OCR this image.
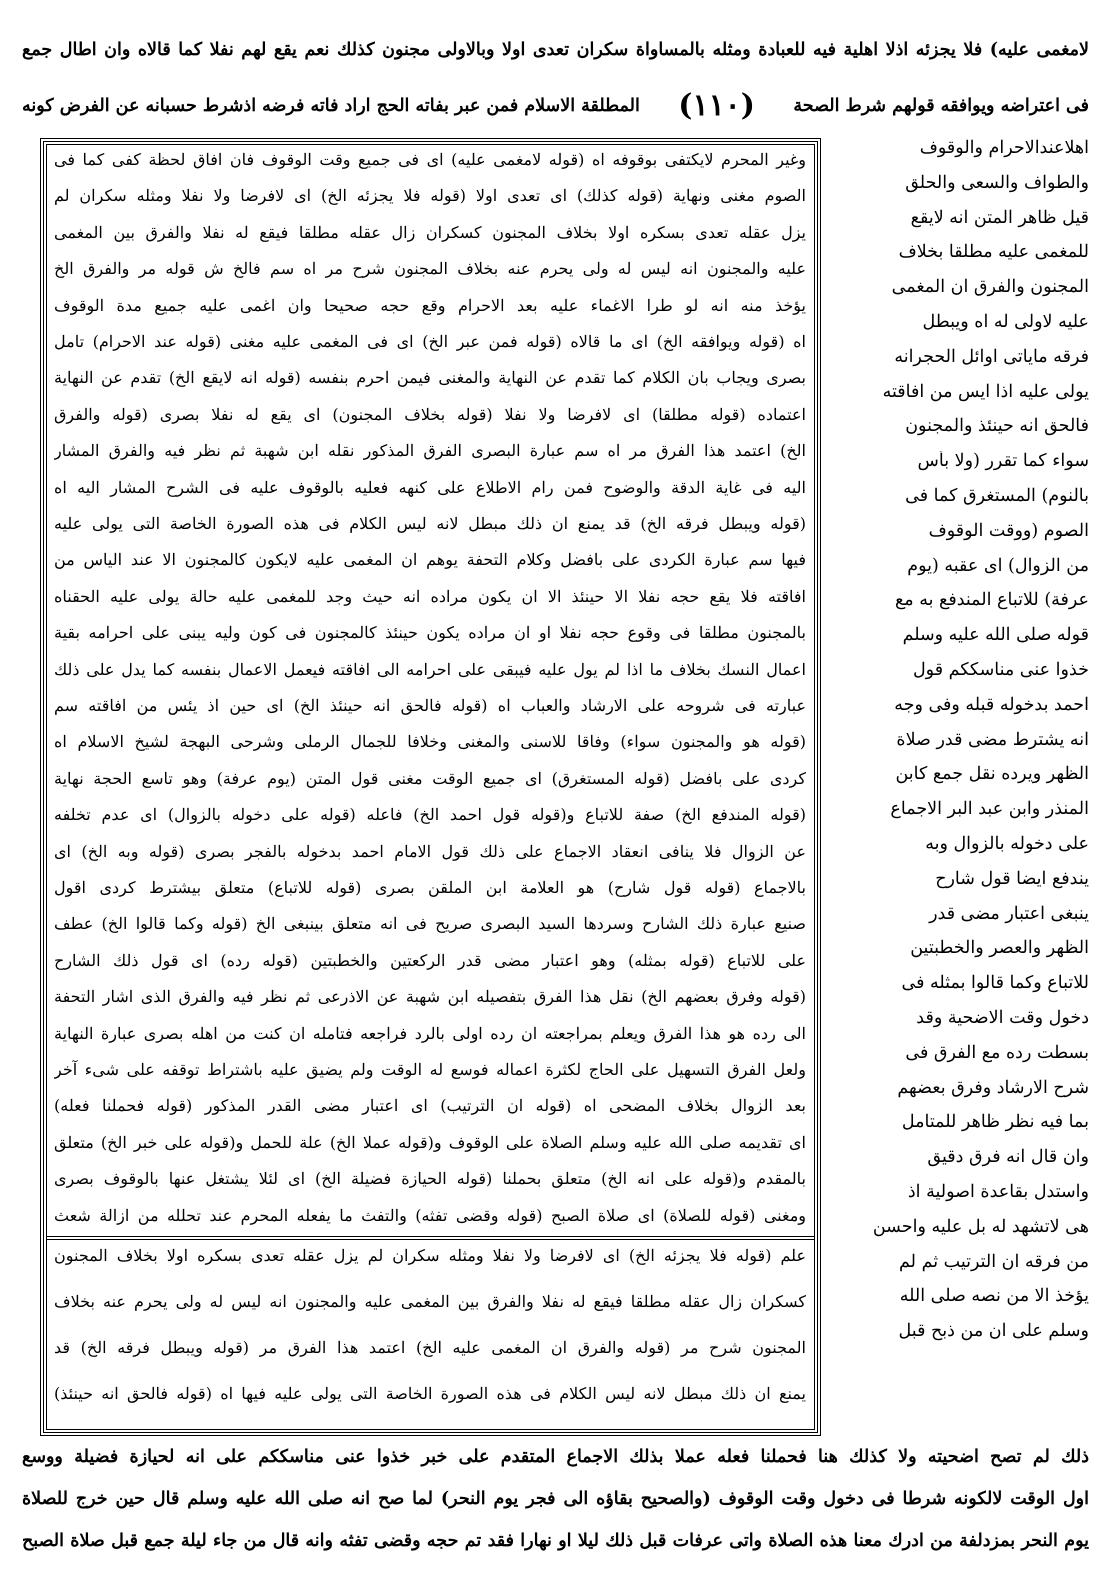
لامغمى عليه) فلا يجزئه اذلا اهلية فيه للعبادة ومثله بالمساواة سكران تعدى اولا وبالاولى مجنون كذلك نعم يقع لهم نفلا كما قالاه وان اطال جمع
فى اعتراضه ويوافقه قولهم شرط الصحة
(١١٠)
المطلقة الاسلام فمن عبر بفاته الحج اراد فاته فرضه اذشرط حسبانه عن الفرض كونه
اهلاعندالاحرام والوقوف
والطواف والسعى والحلق
قيل ظاهر المتن انه لايقع
للمغمى عليه مطلقا بخلاف
المجنون والفرق ان المغمى
عليه لاولى له اه ويبطل
فرقه ماياتى اوائل الحجرانه
يولى عليه اذا ايس من افاقته
فالحق انه حينئذ والمجنون
سواء كما تقرر (ولا بأس
بالنوم) المستغرق كما فى
الصوم (ووقت الوقوف
من الزوال) اى عقبه (يوم
عرفة) للاتباع المندفع به مع
قوله صلى الله عليه وسلم
خذوا عنى مناسككم قول
احمد بدخوله قبله وفى وجه
انه يشترط مضى قدر صلاة
الظهر ويرده نقل جمع كابن
المنذر وابن عبد البر الاجماع
على دخوله بالزوال وبه
يندفع ايضا قول شارح
ينبغى اعتبار مضى قدر
الظهر والعصر والخطبتين
للاتباع وكما قالوا بمثله فى
دخول وقت الاضحية وقد
بسطت رده مع الفرق فى
شرح الارشاد وفرق بعضهم
بما فيه نظر ظاهر للمتامل
وان قال انه فرق دقيق
واستدل بقاعدة اصولية اذ
هى لاتشهد له بل عليه واحسن
من فرقه ان الترتيب ثم لم
يؤخذ الا من نصه صلى الله
وسلم على ان من ذبح قبل
وغير المحرم لايكتفى بوقوفه اه (قوله لامغمى عليه) اى فى جميع وقت الوقوف فان افاق لحظة كفى كما فى
الصوم مغنى ونهاية (قوله كذلك) اى تعدى اولا (قوله فلا يجزئه الخ) اى لافرضا ولا نفلا ومثله سكران لم
يزل عقله تعدى بسكره اولا بخلاف المجنون كسكران زال عقله مطلقا فيقع له نفلا والفرق بين المغمى
عليه والمجنون انه ليس له ولى يحرم عنه بخلاف المجنون شرح مر اه سم فالخ ش قوله مر والفرق الخ
يؤخذ منه انه لو طرا الاغماء عليه بعد الاحرام وقع حجه صحيحا وان اغمى عليه جميع مدة الوقوف
اه (قوله ويوافقه الخ) اى ما قالاه (قوله فمن عبر الخ) اى فى المغمى عليه مغنى (قوله عند الاحرام) تامل
بصرى ويجاب بان الكلام كما تقدم عن النهاية والمغنى فيمن احرم بنفسه (قوله انه لايقع الخ) تقدم عن النهاية
اعتماده (قوله مطلقا) اى لافرضا ولا نفلا (قوله بخلاف المجنون) اى يقع له نفلا بصرى (قوله والفرق
الخ) اعتمد هذا الفرق مر اه سم عبارة البصرى الفرق المذكور نقله ابن شهبة ثم نظر فيه والفرق المشار
اليه فى غاية الدقة والوضوح فمن رام الاطلاع على كنهه فعليه بالوقوف عليه فى الشرح المشار اليه اه
(قوله ويبطل فرقه الخ) قد يمنع ان ذلك مبطل لانه ليس الكلام فى هذه الصورة الخاصة التى يولى عليه
فيها سم عبارة الكردى على بافضل وكلام التحفة يوهم ان المغمى عليه لايكون كالمجنون الا عند الياس من
افاقته فلا يقع حجه نفلا الا حينئذ الا ان يكون مراده انه حيث وجد للمغمى عليه حالة يولى عليه الحقناه
بالمجنون مطلقا فى وقوع حجه نفلا او ان مراده يكون حينئذ كالمجنون فى كون وليه يبنى على احرامه بقية
اعمال النسك بخلاف ما اذا لم يول عليه فيبقى على احرامه الى افاقته فيعمل الاعمال بنفسه كما يدل على ذلك
عبارته فى شروحه على الارشاد والعباب اه (قوله فالحق انه حينئذ الخ) اى حين اذ يئس من افاقته سم
(قوله هو والمجنون سواء) وفاقا للاسنى والمغنى وخلافا للجمال الرملى وشرحى البهجة لشيخ الاسلام اه
كردى على بافضل (قوله المستغرق) اى جميع الوقت مغنى قول المتن (يوم عرفة) وهو تاسع الحجة نهاية
(قوله المندفع الخ) صفة للاتباع و(قوله قول احمد الخ) فاعله (قوله على دخوله بالزوال) اى عدم تخلفه
عن الزوال فلا ينافى انعقاد الاجماع على ذلك قول الامام احمد بدخوله بالفجر بصرى (قوله وبه الخ) اى
بالاجماع (قوله قول شارح) هو العلامة ابن الملقن بصرى (قوله للاتباع) متعلق بيشترط كردى اقول
صنيع عبارة ذلك الشارح وسردها السيد البصرى صريح فى انه متعلق بينبغى الخ (قوله وكما قالوا الخ) عطف
على للاتباع (قوله بمثله) وهو اعتبار مضى قدر الركعتين والخطبتين (قوله رده) اى قول ذلك الشارح
(قوله وفرق بعضهم الخ) نقل هذا الفرق بتفصيله ابن شهبة عن الاذرعى ثم نظر فيه والفرق الذى اشار التحفة
الى رده هو هذا الفرق ويعلم بمراجعته ان رده اولى بالرد فراجعه فتامله ان كنت من اهله بصرى عبارة النهاية
ولعل الفرق التسهيل على الحاج لكثرة اعماله فوسع له الوقت ولم يضيق عليه باشتراط توقفه على شىء آخر
بعد الزوال بخلاف المضحى اه (قوله ان الترتيب) اى اعتبار مضى القدر المذكور (قوله فحملنا فعله)
اى تقديمه صلى الله عليه وسلم الصلاة على الوقوف و(قوله عملا الخ) علة للحمل و(قوله على خبر الخ) متعلق
بالمقدم و(قوله على انه الخ) متعلق بحملنا (قوله الحيازة فضيلة الخ) اى لئلا يشتغل عنها بالوقوف بصرى
ومغنى (قوله للصلاة) اى صلاة الصبح (قوله وقضى تفثه) والتفث ما يفعله المحرم عند تحلله من ازالة شعث
علم (قوله فلا يجزئه الخ) اى لافرضا ولا نفلا ومثله سكران لم يزل عقله تعدى بسكره اولا بخلاف المجنون
كسكران زال عقله مطلقا فيقع له نفلا والفرق بين المغمى عليه والمجنون انه ليس له ولى يحرم عنه بخلاف
المجنون شرح مر (قوله والفرق ان المغمى عليه الخ) اعتمد هذا الفرق مر (قوله ويبطل فرقه الخ) قد
يمنع ان ذلك مبطل لانه ليس الكلام فى هذه الصورة الخاصة التى يولى عليه فيها اه (قوله فالحق انه حينئذ)
ذلك لم تصح اضحيته ولا كذلك هنا فحملنا فعله عملا بذلك الاجماع المتقدم على خبر خذوا عنى مناسككم على انه لحيازة فضيلة ووسع
اول الوقت لالكونه شرطا فى دخول وقت الوقوف (والصحيح بقاؤه الى فجر يوم النحر) لما صح انه صلى الله عليه وسلم قال حين خرج للصلاة
يوم النحر بمزدلفة من ادرك معنا هذه الصلاة واتى عرفات قبل ذلك ليلا او نهارا فقد تم حجه وقضى تفثه وانه قال من جاء ليلة جمع قبل صلاة الصبح
